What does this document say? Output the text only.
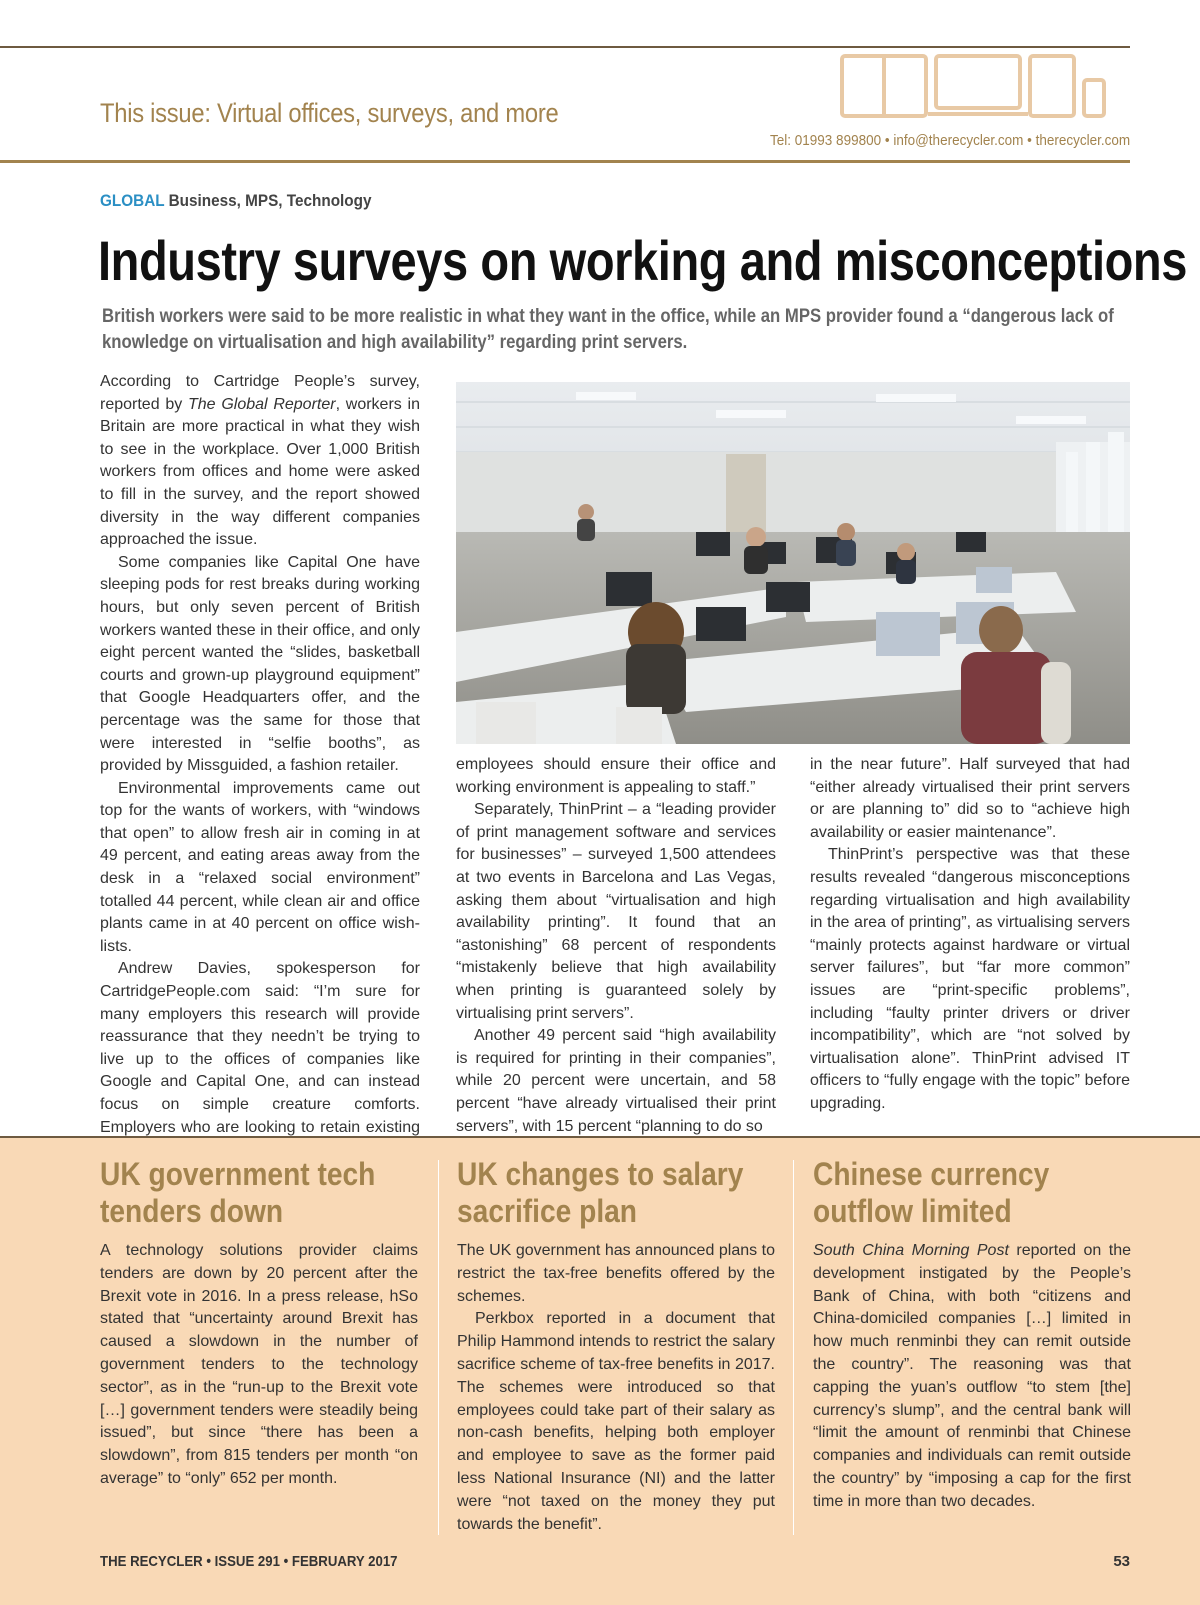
This issue: Virtual offices, surveys, and more
Tel: 01993 899800 • info@therecycler.com • therecycler.com
GLOBAL Business, MPS, Technology
Industry surveys on working and misconceptions

British workers were said to be more realistic in what they want in the office, while an MPS provider found a “dangerous lack of knowledge on virtualisation and high availability” regarding print servers.

According to Cartridge People’s survey, reported by The Global Reporter, workers in Britain are more practical in what they wish to see in the workplace. Over 1,000 British workers from offices and home were asked to fill in the survey, and the report showed diversity in the way different companies approached the issue.

Some companies like Capital One have sleeping pods for rest breaks during working hours, but only seven percent of British workers wanted these in their office, and only eight percent wanted the “slides, basketball courts and grown-up playground equipment” that Google Headquarters offer, and the percentage was the same for those that were interested in “selfie booths”, as provided by Missguided, a fashion retailer.

Environmental improvements came out top for the wants of workers, with “windows that open” to allow fresh air in coming in at 49 percent, and eating areas away from the desk in a “relaxed social environment” totalled 44 percent, while clean air and office plants came in at 40 percent on office wish-lists.

Andrew Davies, spokesperson for CartridgePeople.com said: “I’m sure for many employers this research will provide reassurance that they needn’t be trying to live up to the offices of companies like Google and Capital One, and can instead focus on simple creature comforts. Employers who are looking to retain existing

employees should ensure their office and working environment is appealing to staff.”

Separately, ThinPrint – a “leading provider of print management software and services for businesses” – surveyed 1,500 attendees at two events in Barcelona and Las Vegas, asking them about “virtualisation and high availability printing”. It found that an “astonishing” 68 percent of respondents “mistakenly believe that high availability when printing is guaranteed solely by virtualising print servers”.

Another 49 percent said “high availability is required for printing in their companies”, while 20 percent were uncertain, and 58 percent “have already virtualised their print servers”, with 15 percent “planning to do so

in the near future”. Half surveyed that had “either already virtualised their print servers or are planning to” did so to “achieve high availability or easier maintenance”.

ThinPrint’s perspective was that these results revealed “dangerous misconceptions regarding virtualisation and high availability in the area of printing”, as virtualising servers “mainly protects against hardware or virtual server failures”, but “far more common” issues are “print-specific problems”, including “faulty printer drivers or driver incompatibility”, which are “not solved by virtualisation alone”. ThinPrint advised IT officers to “fully engage with the topic” before upgrading.

UK government tech tenders down

A technology solutions provider claims tenders are down by 20 percent after the Brexit vote in 2016. In a press release, hSo stated that “uncertainty around Brexit has caused a slowdown in the number of government tenders to the technology sector”, as in the “run-up to the Brexit vote […] government tenders were steadily being issued”, but since “there has been a slowdown”, from 815 tenders per month “on average” to “only” 652 per month.

UK changes to salary sacrifice plan

The UK government has announced plans to restrict the tax-free benefits offered by the schemes.

Perkbox reported in a document that Philip Hammond intends to restrict the salary sacrifice scheme of tax-free benefits in 2017. The schemes were introduced so that employees could take part of their salary as non-cash benefits, helping both employer and employee to save as the former paid less National Insurance (NI) and the latter were “not taxed on the money they put towards the benefit”.

Chinese currency outflow limited

South China Morning Post reported on the development instigated by the People’s Bank of China, with both “citizens and China-domiciled companies […] limited in how much renminbi they can remit outside the country”. The reasoning was that capping the yuan’s outflow “to stem [the] currency’s slump”, and the central bank will “limit the amount of renminbi that Chinese companies and individuals can remit outside the country” by “imposing a cap for the first time in more than two decades.

THE RECYCLER • ISSUE 291 • FEBRUARY 2017	53
